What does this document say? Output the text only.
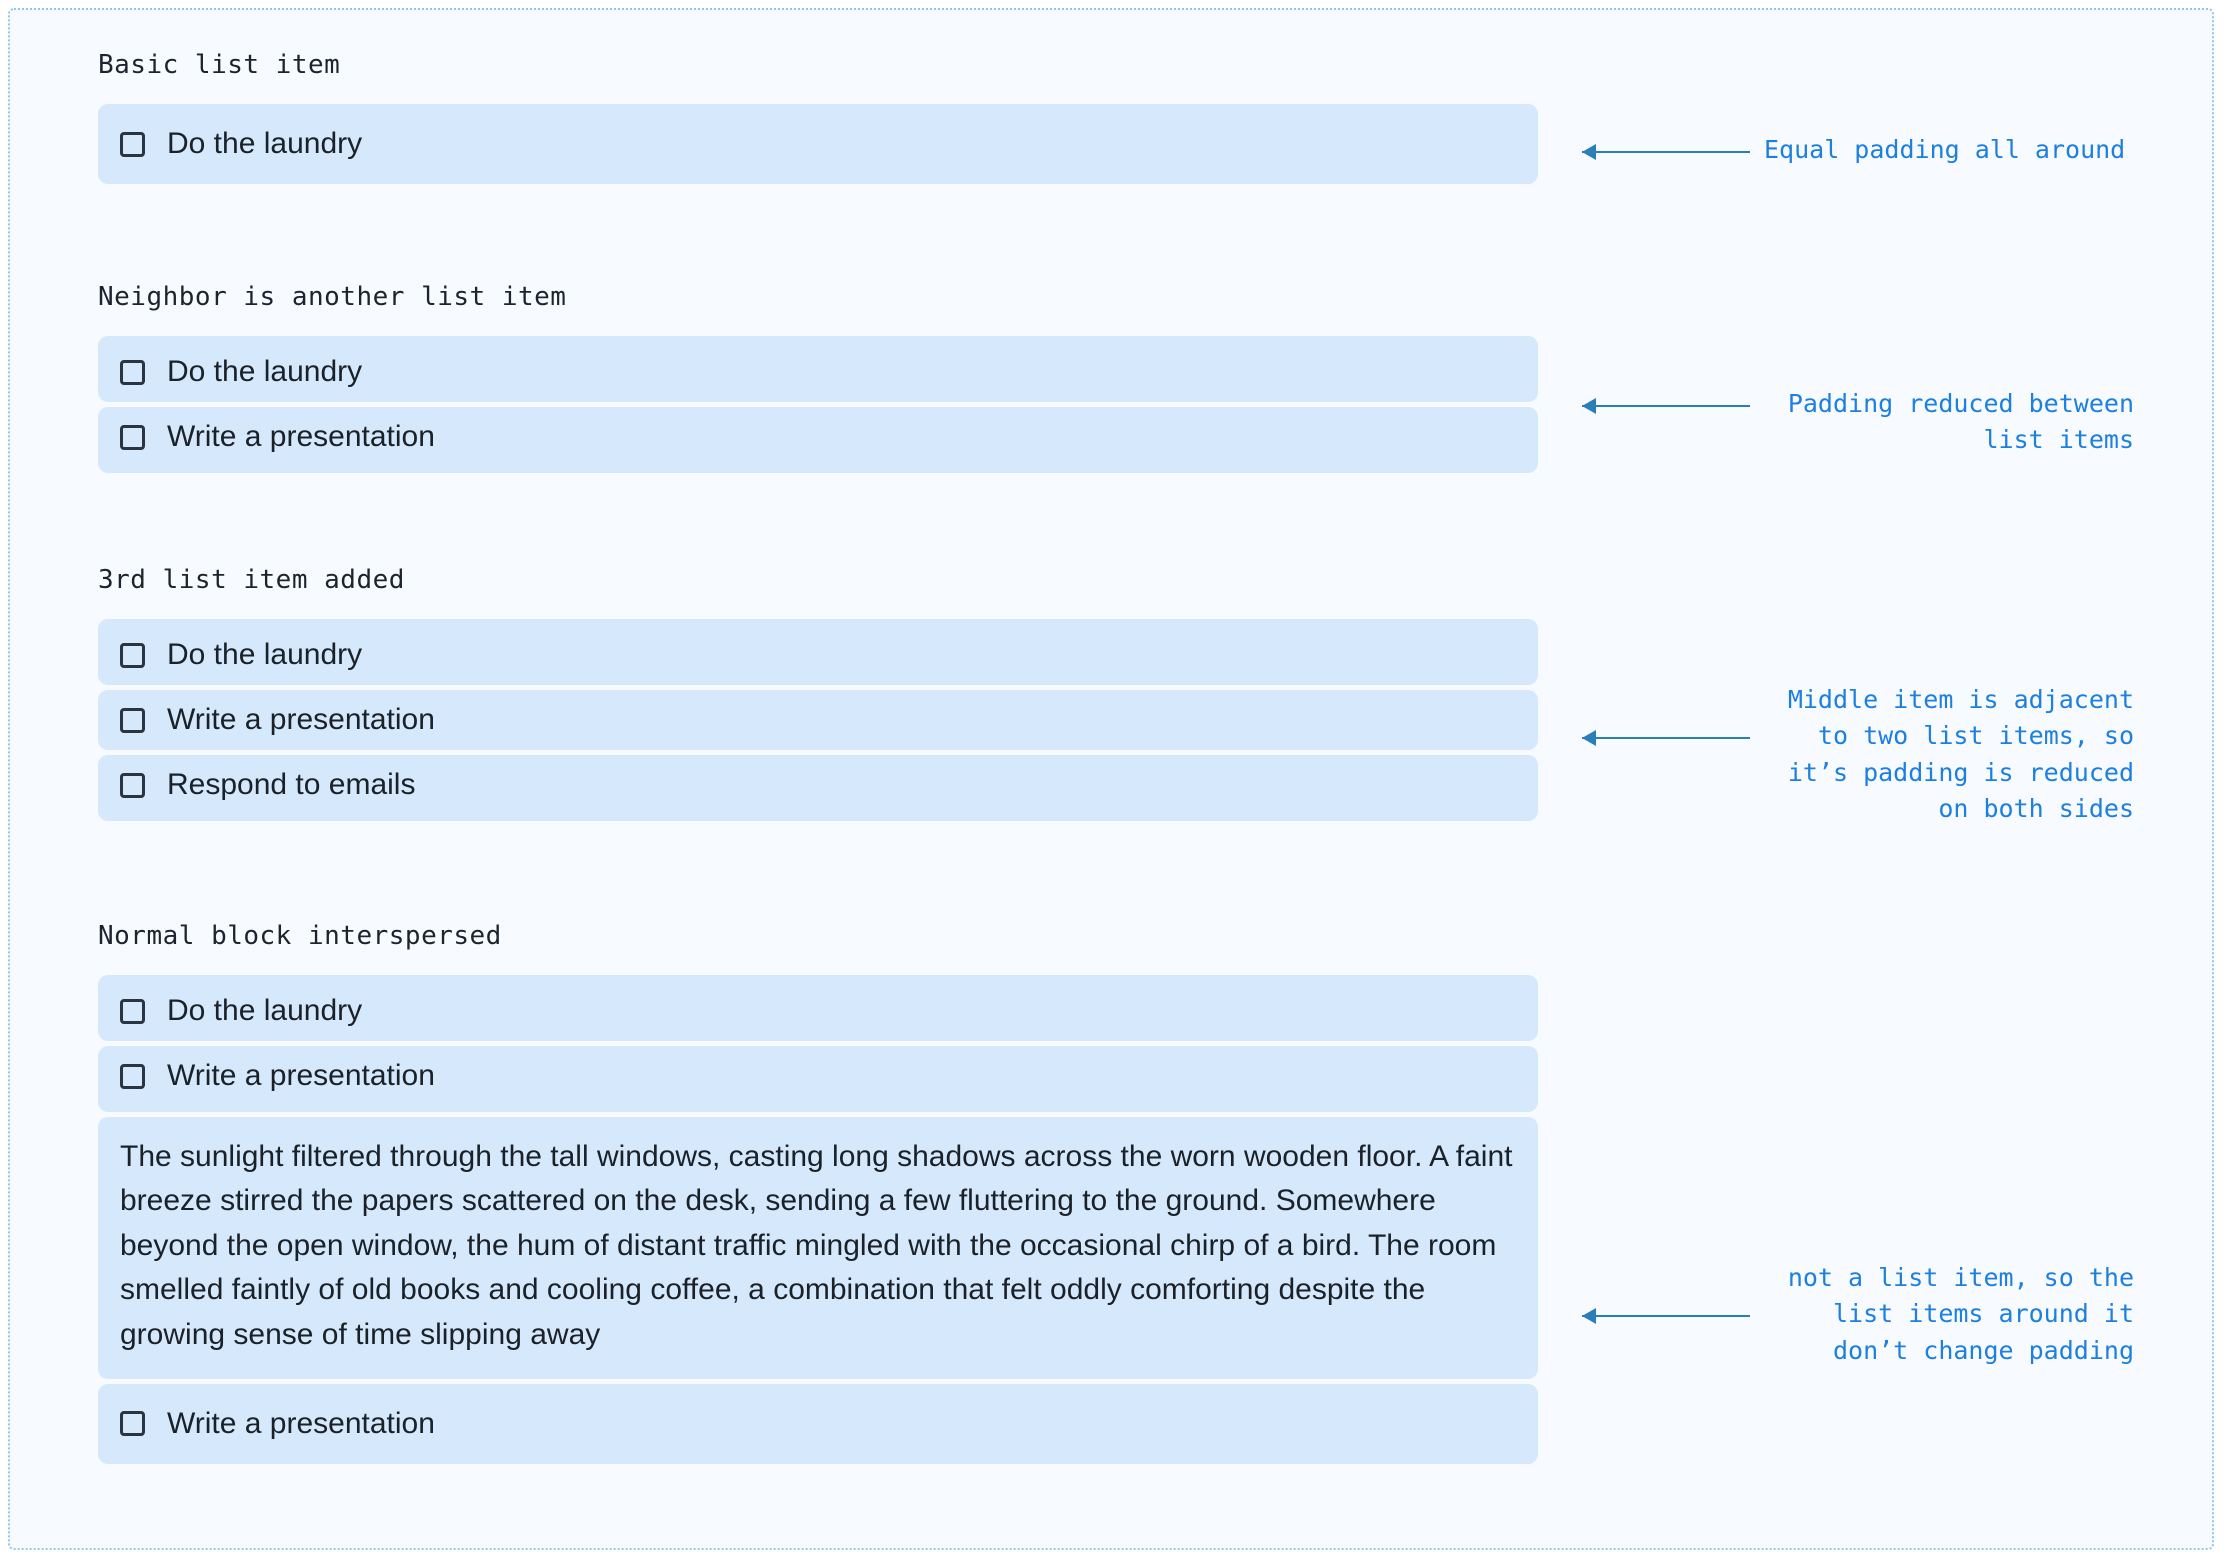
Basic list item
Do the laundry
Neighbor is another list item
Do the laundry
Write a presentation
3rd list item added
Do the laundry
Write a presentation
Respond to emails
Normal block interspersed
Do the laundry
Write a presentation

The sunlight filtered through the tall windows, casting long shadows across the worn wooden floor. A faint breeze stirred the papers scattered on the desk, sending a few fluttering to the ground. Somewhere beyond the open window, the hum of distant traffic mingled with the occasional chirp of a bird. The room smelled faintly of old books and cooling coffee, a combination that felt oddly comforting despite the growing sense of time slipping away

Write a presentation
Equal padding all around
Padding reduced between list items
Middle item is adjacent to two list items, so it’s padding is reduced on both sides
not a list item, so the list items around it don’t change padding
